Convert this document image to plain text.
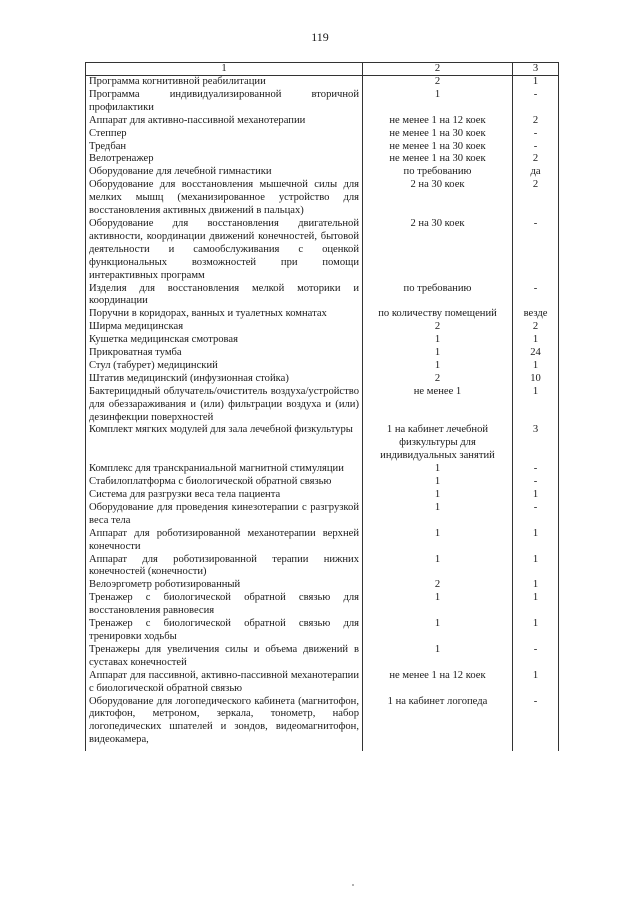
119
1	2	3
Программа когнитивной реабилитации	2	1
Программа индивидуализированной вторичной профилактики	1	-
Аппарат для активно-пассивной механотерапии	не менее 1 на 12 коек	2
Степпер	не менее 1 на 30 коек	-
Тредбан	не менее 1 на 30 коек	-
Велотренажер	не менее 1 на 30 коек	2
Оборудование для лечебной гимнастики	по требованию	да
Оборудование для восстановления мышечной силы для мелких мышц (механизированное устройство для восстановления активных движений в пальцах)	2 на 30 коек	2
Оборудование для восстановления двигательной активности, координации движений конечностей, бытовой деятельности и самообслуживания с оценкой функциональных возможностей при помощи интерактивных программ	2 на 30 коек	-
Изделия для восстановления мелкой моторики и координации	по требованию	-
Поручни в коридорах, ванных и туалетных комнатах	по количеству помещений	везде
Ширма медицинская	2	2
Кушетка медицинская смотровая	1	1
Прикроватная тумба	1	24
Стул (табурет) медицинский	1	1
Штатив медицинский (инфузионная стойка)	2	10
Бактерицидный облучатель/очиститель воздуха/устройство для обеззараживания и (или) фильтрации воздуха и (или) дезинфекции поверхностей	не менее 1	1
Комплект мягких модулей для зала лечебной физкультуры	1 на кабинет лечебной физкультуры для индивидуальных занятий	3
Комплекс для транскраниальной магнитной стимуляции	1	-
Стабилоплатформа с биологической обратной связью	1	-
Система для разгрузки веса тела пациента	1	1
Оборудование для проведения кинезотерапии с разгрузкой веса тела	1	-
Аппарат для роботизированной механотерапии верхней конечности	1	1
Аппарат для роботизированной терапии нижних конечностей (конечности)	1	1
Велоэргометр роботизированный	2	1
Тренажер с биологической обратной связью для восстановления равновесия	1	1
Тренажер с биологической обратной связью для тренировки ходьбы	1	1
Тренажеры для увеличения силы и объема движений в суставах конечностей	1	-
Аппарат для пассивной, активно-пассивной механотерапии с биологической обратной связью	не менее 1 на 12 коек	1
Оборудование для логопедического кабинета (магнитофон, диктофон, метроном, зеркала, тонометр, набор логопедических шпателей и зондов, видеомагнитофон, видеокамера,	1 на кабинет логопеда	-
